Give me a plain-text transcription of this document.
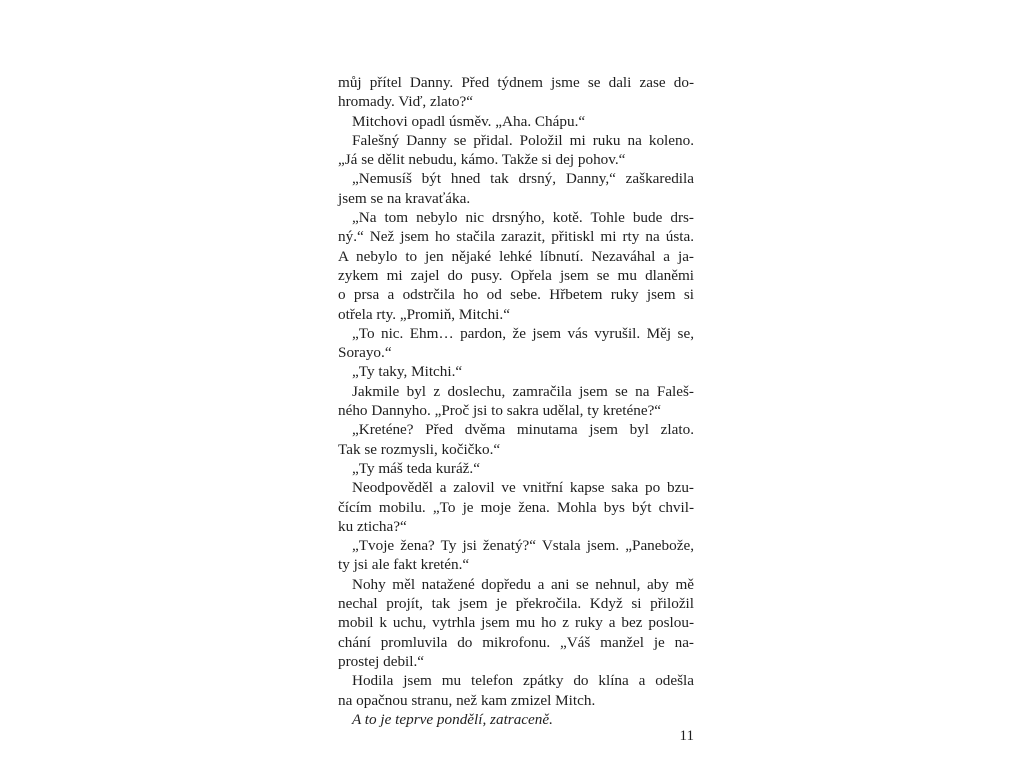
můj přítel Danny. Před týdnem jsme se dali zase do-
hromady. Viď, zlato?“
Mitchovi opadl úsměv. „Aha. Chápu.“
Falešný Danny se přidal. Položil mi ruku na koleno.
„Já se dělit nebudu, kámo. Takže si dej pohov.“
„Nemusíš být hned tak drsný, Danny,“ zaškaredila
jsem se na kravaťáka.
„Na tom nebylo nic drsnýho, kotě. Tohle bude drs-
ný.“ Než jsem ho stačila zarazit, přitiskl mi rty na ústa.
A nebylo to jen nějaké lehké líbnutí. Nezaváhal a ja-
zykem mi zajel do pusy. Opřela jsem se mu dlaněmi
o prsa a odstrčila ho od sebe. Hřbetem ruky jsem si
otřela rty. „Promiň, Mitchi.“
„To nic. Ehm… pardon, že jsem vás vyrušil. Měj se,
Sorayo.“
„Ty taky, Mitchi.“
Jakmile byl z doslechu, zamračila jsem se na Faleš-
ného Dannyho. „Proč jsi to sakra udělal, ty kreténe?“
„Kreténe? Před dvěma minutama jsem byl zlato.
Tak se rozmysli, kočičko.“
„Ty máš teda kuráž.“
Neodpověděl a zalovil ve vnitřní kapse saka po bzu-
čícím mobilu. „To je moje žena. Mohla bys být chvil-
ku zticha?“
„Tvoje žena? Ty jsi ženatý?“ Vstala jsem. „Panebože,
ty jsi ale fakt kretén.“
Nohy měl natažené dopředu a ani se nehnul, aby mě
nechal projít, tak jsem je překročila. Když si přiložil
mobil k uchu, vytrhla jsem mu ho z ruky a bez poslou-
chání promluvila do mikrofonu. „Váš manžel je na-
prostej debil.“
Hodila jsem mu telefon zpátky do klína a odešla
na opačnou stranu, než kam zmizel Mitch.
A to je teprve pondělí, zatraceně.
11
